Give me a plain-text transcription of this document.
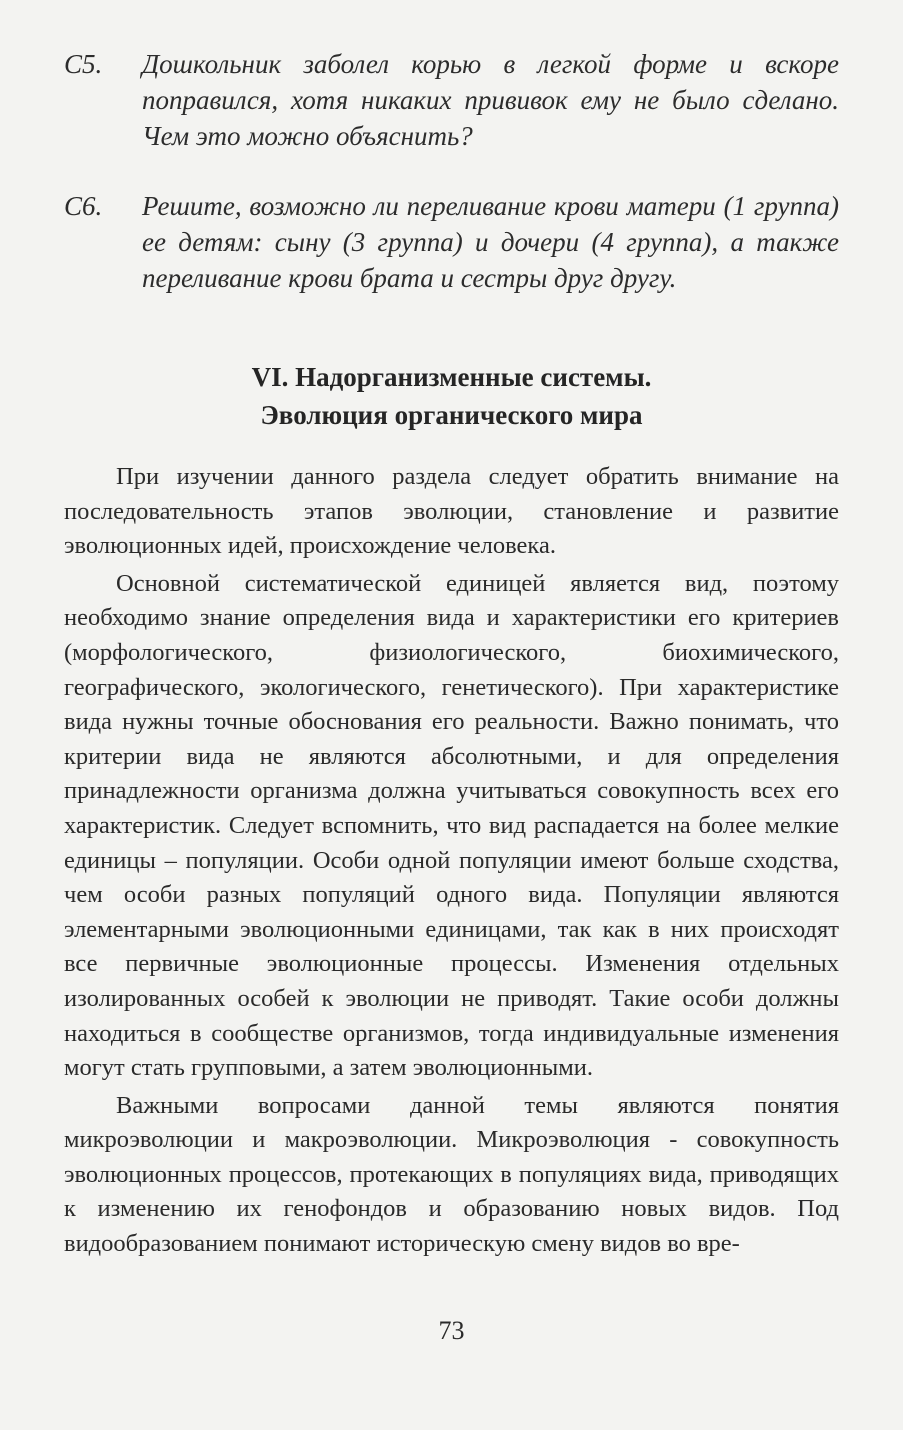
С5.	Дошкольник заболел корью в легкой форме и вскоре поправился, хотя никаких прививок ему не было сделано. Чем это можно объяснить?
С6.	Решите, возможно ли переливание крови матери (1 группа) ее детям: сыну (3 группа) и дочери (4 группа), а также переливание крови брата и сестры друг другу.
VI. Надорганизменные системы.
Эволюция органического мира

При изучении данного раздела следует обратить внимание на последовательность этапов эволюции, становление и развитие эволюционных идей, происхождение человека.

Основной систематической единицей является вид, поэтому необходимо знание определения вида и характеристики его критериев (морфологического, физиологического, биохимического, географического, экологического, генетического). При характеристике вида нужны точные обоснования его реальности. Важно понимать, что критерии вида не являются абсолютными, и для определения принадлежности организма должна учитываться совокупность всех его характеристик. Следует вспомнить, что вид распадается на более мелкие единицы – популяции. Особи одной популяции имеют больше сходства, чем особи разных популяций одного вида. Популяции являются элементарными эволюционными единицами, так как в них происходят все первичные эволюционные процессы. Изменения отдельных изолированных особей к эволюции не приводят. Такие особи должны находиться в сообществе организмов, тогда индивидуальные изменения могут стать групповыми, а затем эволюционными.

Важными вопросами данной темы являются понятия микроэволюции и макроэволюции. Микроэволюция - совокупность эволюционных процессов, протекающих в популяциях вида, приводящих к изменению их генофондов и образованию новых видов. Под видообразованием понимают историческую смену видов во вре-

73
